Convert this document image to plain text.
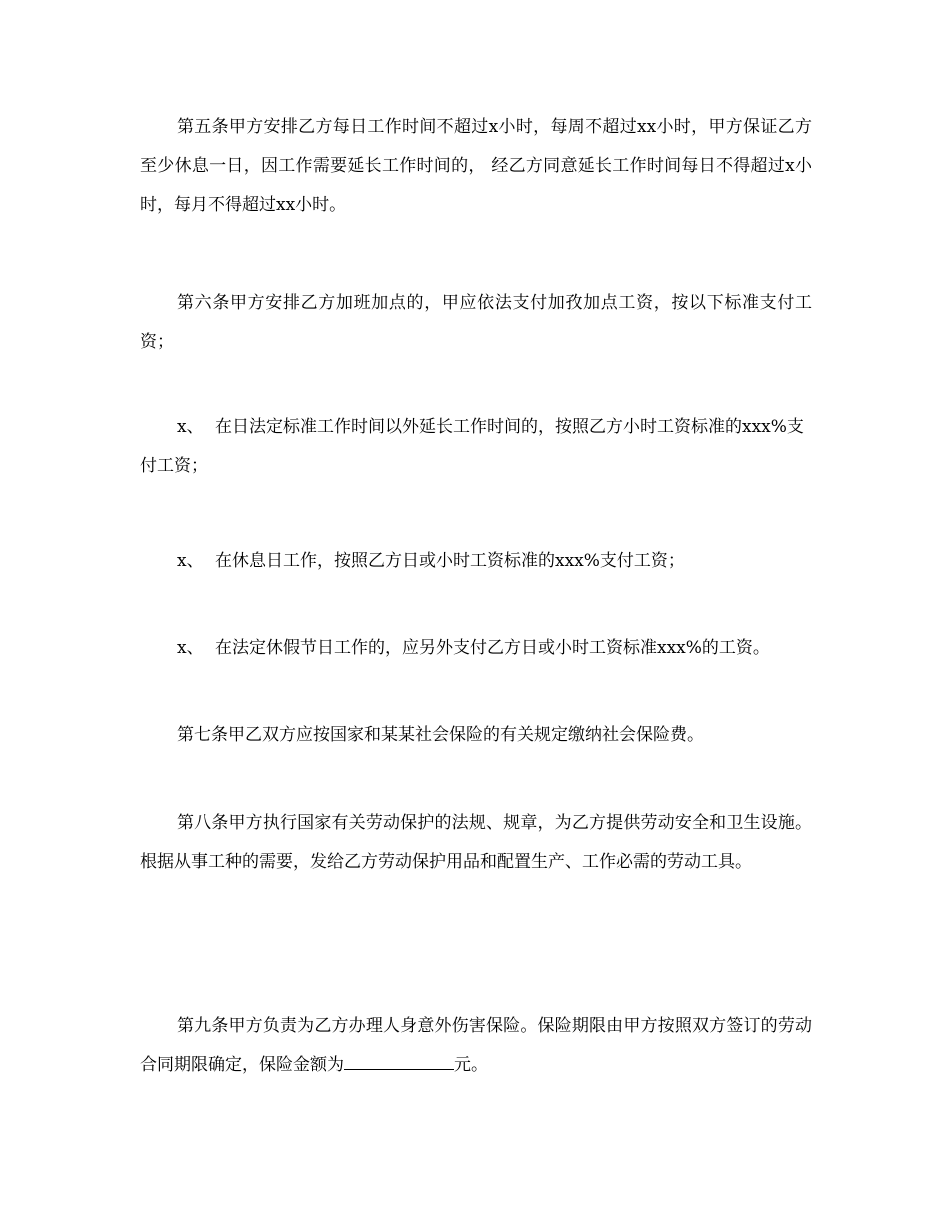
第五条甲方安排乙方每日工作时间不超过x小时，每周不超过xx小时，甲方保证乙方至少休息一日，因工作需要延长工作时间的， 经乙方同意延长工作时间每日不得超过x小时，每月不得超过xx小时。

第六条甲方安排乙方加班加点的，甲应依法支付加孜加点工资，按以下标准支付工资；

x、 在日法定标准工作时间以外延长工作时间的，按照乙方小时工资标准的xxx%支付工资；

x、 在休息日工作，按照乙方日或小时工资标准的xxx%支付工资；

x、 在法定休假节日工作的，应另外支付乙方日或小时工资标准xxx%的工资。

第七条甲乙双方应按国家和某某社会保险的有关规定缴纳社会保险费。

第八条甲方执行国家有关劳动保护的法规、规章，为乙方提供劳动安全和卫生设施。根据从事工种的需要，发给乙方劳动保护用品和配置生产、工作必需的劳动工具。

第九条甲方负责为乙方办理人身意外伤害保险。保险期限由甲方按照双方签订的劳动合同期限确定，保险金额为	元。
